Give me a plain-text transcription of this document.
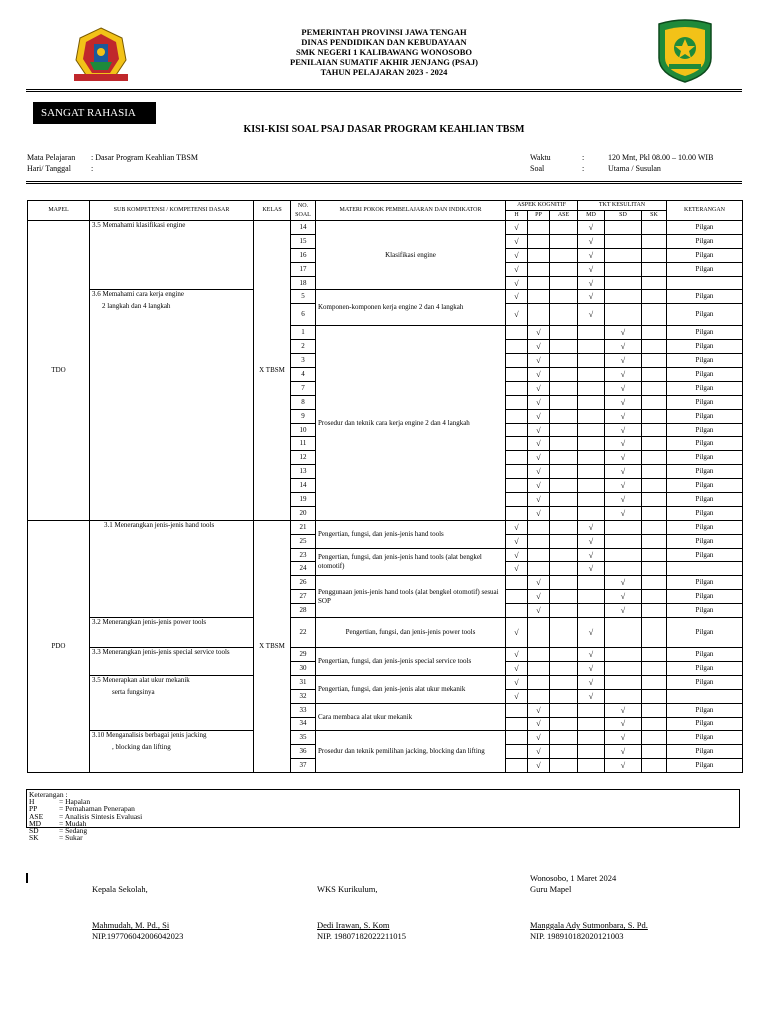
PEMERINTAH PROVINSI JAWA TENGAH
DINAS PENDIDIKAN DAN KEBUDAYAAN
SMK NEGERI 1 KALIBAWANG WONOSOBO
PENILAIAN SUMATIF AKHIR JENJANG (PSAJ)
TAHUN PELAJARAN 2023 - 2024
SANGAT RAHASIA
KISI-KISI SOAL PSAJ DASAR PROGRAM KEAHLIAN TBSM
Mata Pelajaran : Dasar Program Keahlian TBSM
Hari/ Tanggal	:
Waktu	:	120 Mnt, Pkl 08.00 – 10.00 WIB
Soal	:	Utama / Susulan
MAPEL	SUB KOMPETENSI / KOMPETENSI DASAR	KELAS	NO. SOAL	MATERI POKOK PEMBELAJARAN DAN INDIKATOR	ASPEK KOGNITIF			TKT KESULITAN			KETERANGAN
					H	PP	ASE	MD	SD	SK	
TDO	3.5 Memahami klasifikasi engine	X TBSM	14	Klasifikasi engine	√			√			Pilgan
			15		√			√			Pilgan
			16		√			√			Pilgan
			17		√			√			Pilgan
			18		√			√			

	3.6 Memahami cara kerja engine
2 langkah dan 4 langkah		5	Komponen-komponen kerja engine 2 dan 4 langkah	√			√			Pilgan
			6		√			√			Pilgan
			1	Prosedur dan teknik cara kerja engine 2 dan 4 langkah		√			√		Pilgan
			2			√			√		Pilgan
			3			√			√		Pilgan
			4			√			√		Pilgan
			7			√			√		Pilgan
			8			√			√		Pilgan
			9			√			√		Pilgan
			10			√			√		Pilgan
			11			√			√		Pilgan
			12			√			√		Pilgan
			13			√			√		Pilgan
			14			√			√		Pilgan
			19			√			√		Pilgan
			20			√			√		Pilgan
PDO	3.1 Menerangkan jenis-jenis hand tools	X TBSM	21	Pengertian, fungsi, dan jenis-jenis hand tools	√			√			Pilgan
			25		√			√			Pilgan
			23	Pengertian, fungsi, dan jenis-jenis hand tools (alat bengkel otomotif)	√			√			Pilgan
			24		√			√			
			26	Penggunaan jenis-jenis hand tools (alat bengkel otomotif) sesuai SOP		√			√		Pilgan
			27			√			√		Pilgan
			28			√			√		Pilgan
	3.2 Menerangkan jenis-jenis power tools		22	Pengertian, fungsi, dan jenis-jenis power tools	√			√			Pilgan
	3.3 Menerangkan jenis-jenis special service tools		29	Pengertian, fungsi, dan jenis-jenis special service tools	√			√			Pilgan
			30		√			√			Pilgan

	3.5 Menerapkan alat ukur mekanik
serta fungsinya		31	Pengertian, fungsi, dan jenis-jenis alat ukur mekanik	√			√			Pilgan
			32		√			√			
			33	Cara membaca alat ukur mekanik		√			√		Pilgan
			34			√			√		Pilgan

	3.10 Menganalisis berbagai jenis jacking
, blocking dan lifting		35	Prosedur dan teknik pemilihan jacking, blocking dan lifting		√			√		Pilgan
			36			√			√		Pilgan
			37			√			√		Pilgan
Keterangan :
H	= Hapalan
PP	= Pemahaman Penerapan
ASE = Analisis Sintesis Evaluasi
MD = Mudah
SD	= Sedang
SK	= Sukar
Wonosobo, 1 Maret 2024
Kepala Sekolah,	WKS Kurikulum,	Guru Mapel
Mahmudah, M. Pd., Si
NIP.197706042006042023
Dedi Irawan, S. Kom
NIP. 19807182022211015
Manggala Ady Sutmonbara, S. Pd.
NIP. 198910182020121003
